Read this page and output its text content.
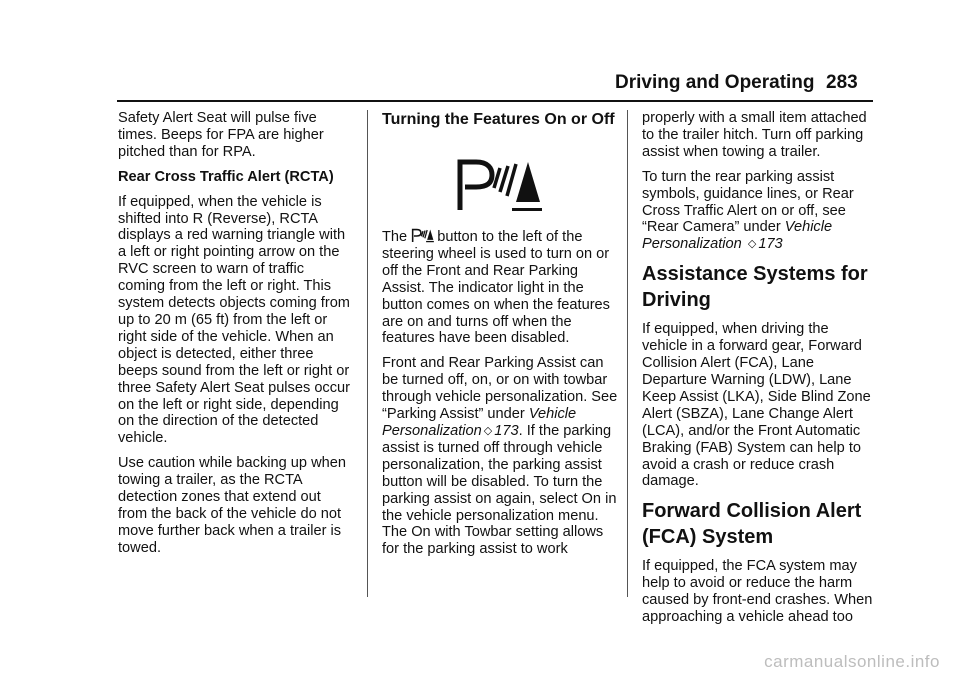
Driving and Operating 283

Safety Alert Seat will pulse five times. Beeps for FPA are higher pitched than for RPA.

Rear Cross Traffic Alert (RCTA)

If equipped, when the vehicle is shifted into R (Reverse), RCTA displays a red warning triangle with a left or right pointing arrow on the RVC screen to warn of traffic coming from the left or right. This system detects objects coming from up to 20 m (65 ft) from the left or right side of the vehicle. When an object is detected, either three beeps sound from the left or right or three Safety Alert Seat pulses occur on the left or right side, depending on the direction of the detected vehicle.

Use caution while backing up when towing a trailer, as the RCTA detection zones that extend out from the back of the vehicle do not move further back when a trailer is towed.

Turning the Features On or Off

The button to the left of the steering wheel is used to turn on or off the Front and Rear Parking Assist. The indicator light in the button comes on when the features are on and turns off when the features have been disabled.

Front and Rear Parking Assist can be turned off, on, or on with towbar through vehicle personalization. See “Parking Assist” under Vehicle Personalization ◇ 173. If the parking assist is turned off through vehicle personalization, the parking assist button will be disabled. To turn the parking assist on again, select On in the vehicle personalization menu. The On with Towbar setting allows for the parking assist to work

properly with a small item attached to the trailer hitch. Turn off parking assist when towing a trailer.

To turn the rear parking assist symbols, guidance lines, or Rear Cross Traffic Alert on or off, see “Rear Camera” under Vehicle Personalization ◇ 173

Assistance Systems for Driving

If equipped, when driving the vehicle in a forward gear, Forward Collision Alert (FCA), Lane Departure Warning (LDW), Lane Keep Assist (LKA), Side Blind Zone Alert (SBZA), Lane Change Alert (LCA), and/or the Front Automatic Braking (FAB) System can help to avoid a crash or reduce crash damage.

Forward Collision Alert (FCA) System

If equipped, the FCA system may help to avoid or reduce the harm caused by front-end crashes. When approaching a vehicle ahead too

carmanualsonline.info
